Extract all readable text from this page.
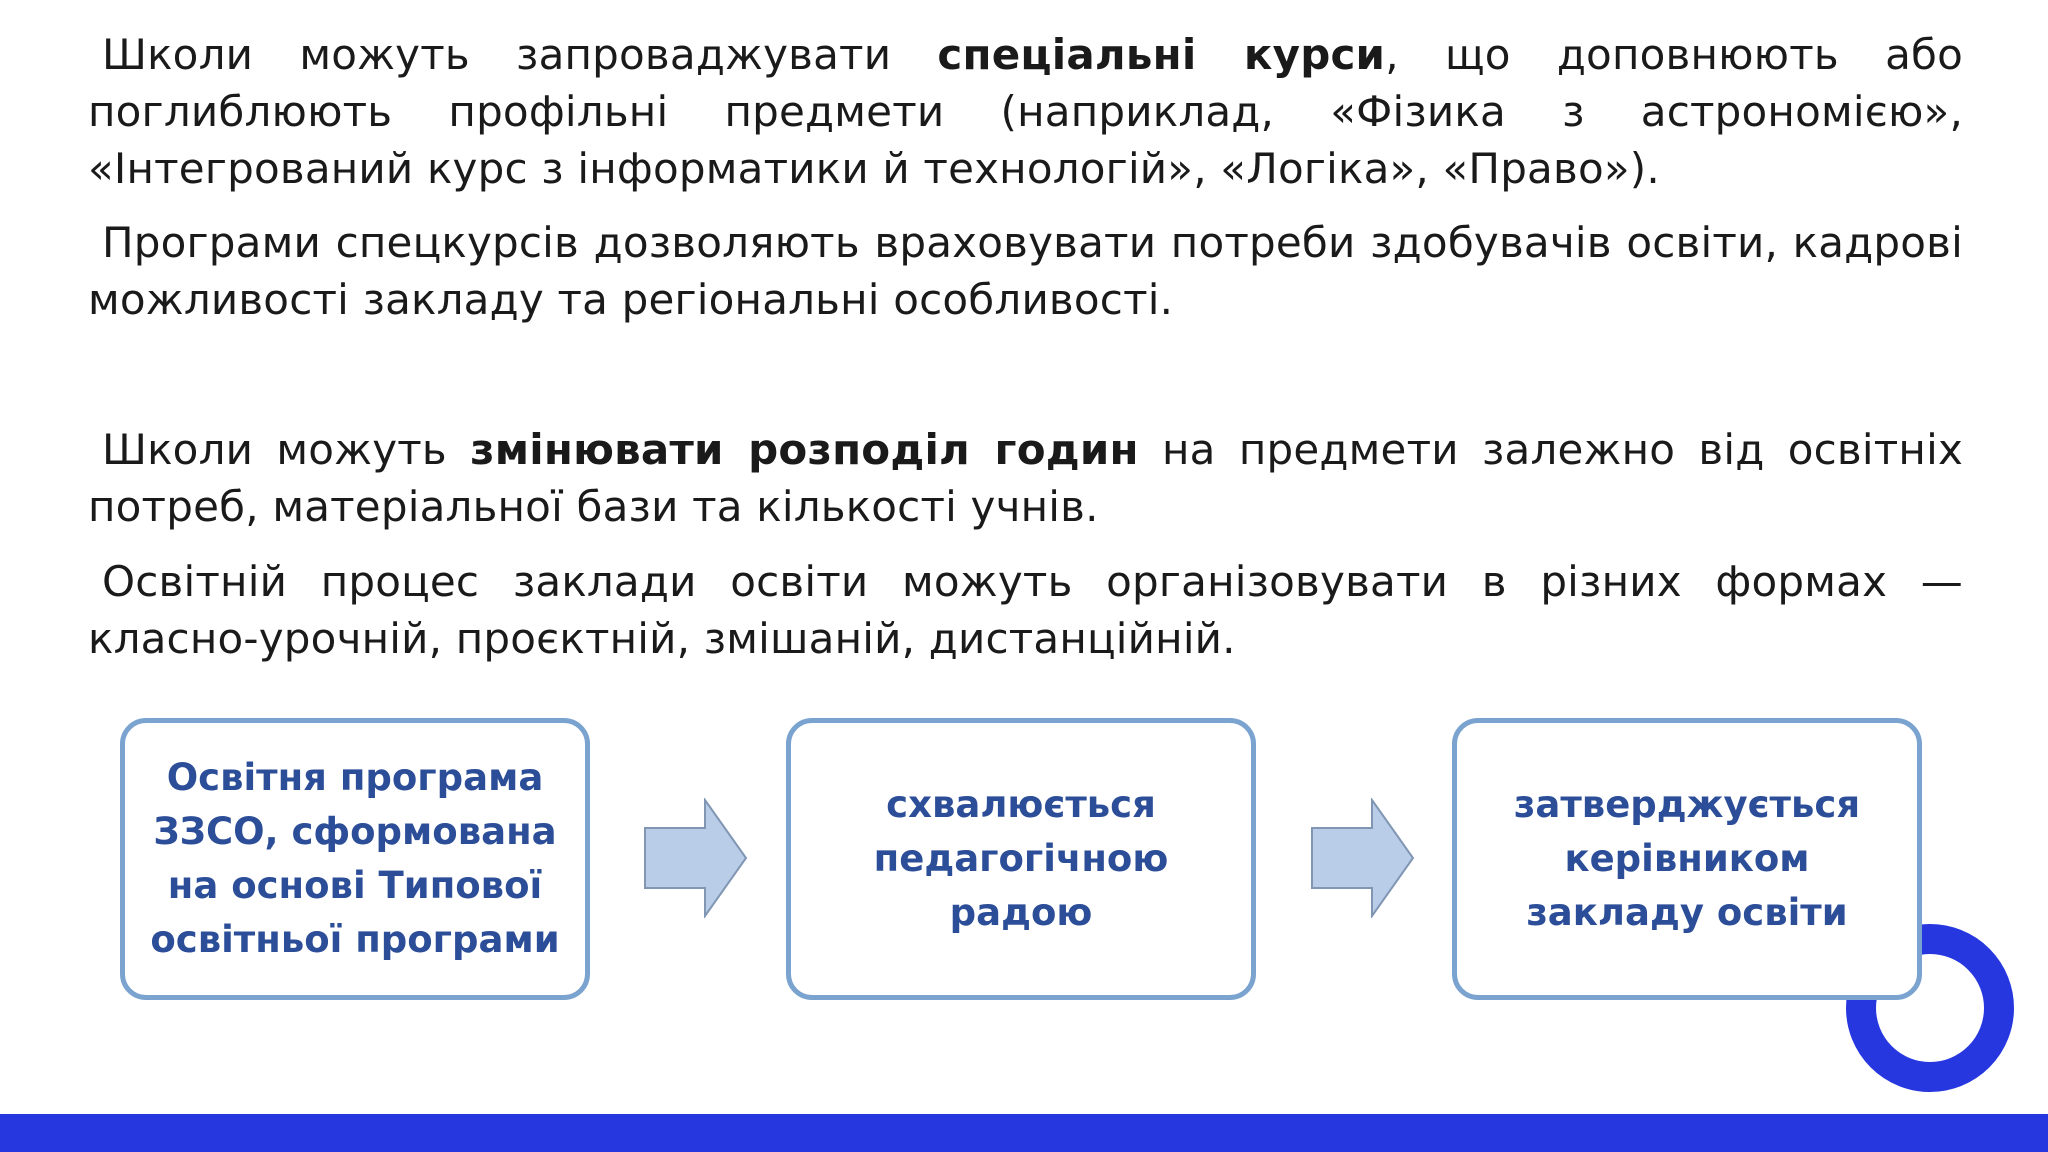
Школи можуть запроваджувати спеціальні курси, що доповнюють або поглиблюють профільні предмети (наприклад, «Фізика з астрономією», «Інтегрований курс з інформатики й технологій», «Логіка», «Право»).

Програми спецкурсів дозволяють враховувати потреби здобувачів освіти, кадрові можливості закладу та регіональні особливості.

Школи можуть змінювати розподіл годин на предмети залежно від освітніх потреб, матеріальної бази та кількості учнів.

Освітній процес заклади освіти можуть організовувати в різних формах — класно-урочній, проєктній, змішаній, дистанційній.

Освітня програма ЗЗСО, сформована на основі Типової освітньої програми
схвалюється педагогічною радою
затверджується керівником закладу освіти
